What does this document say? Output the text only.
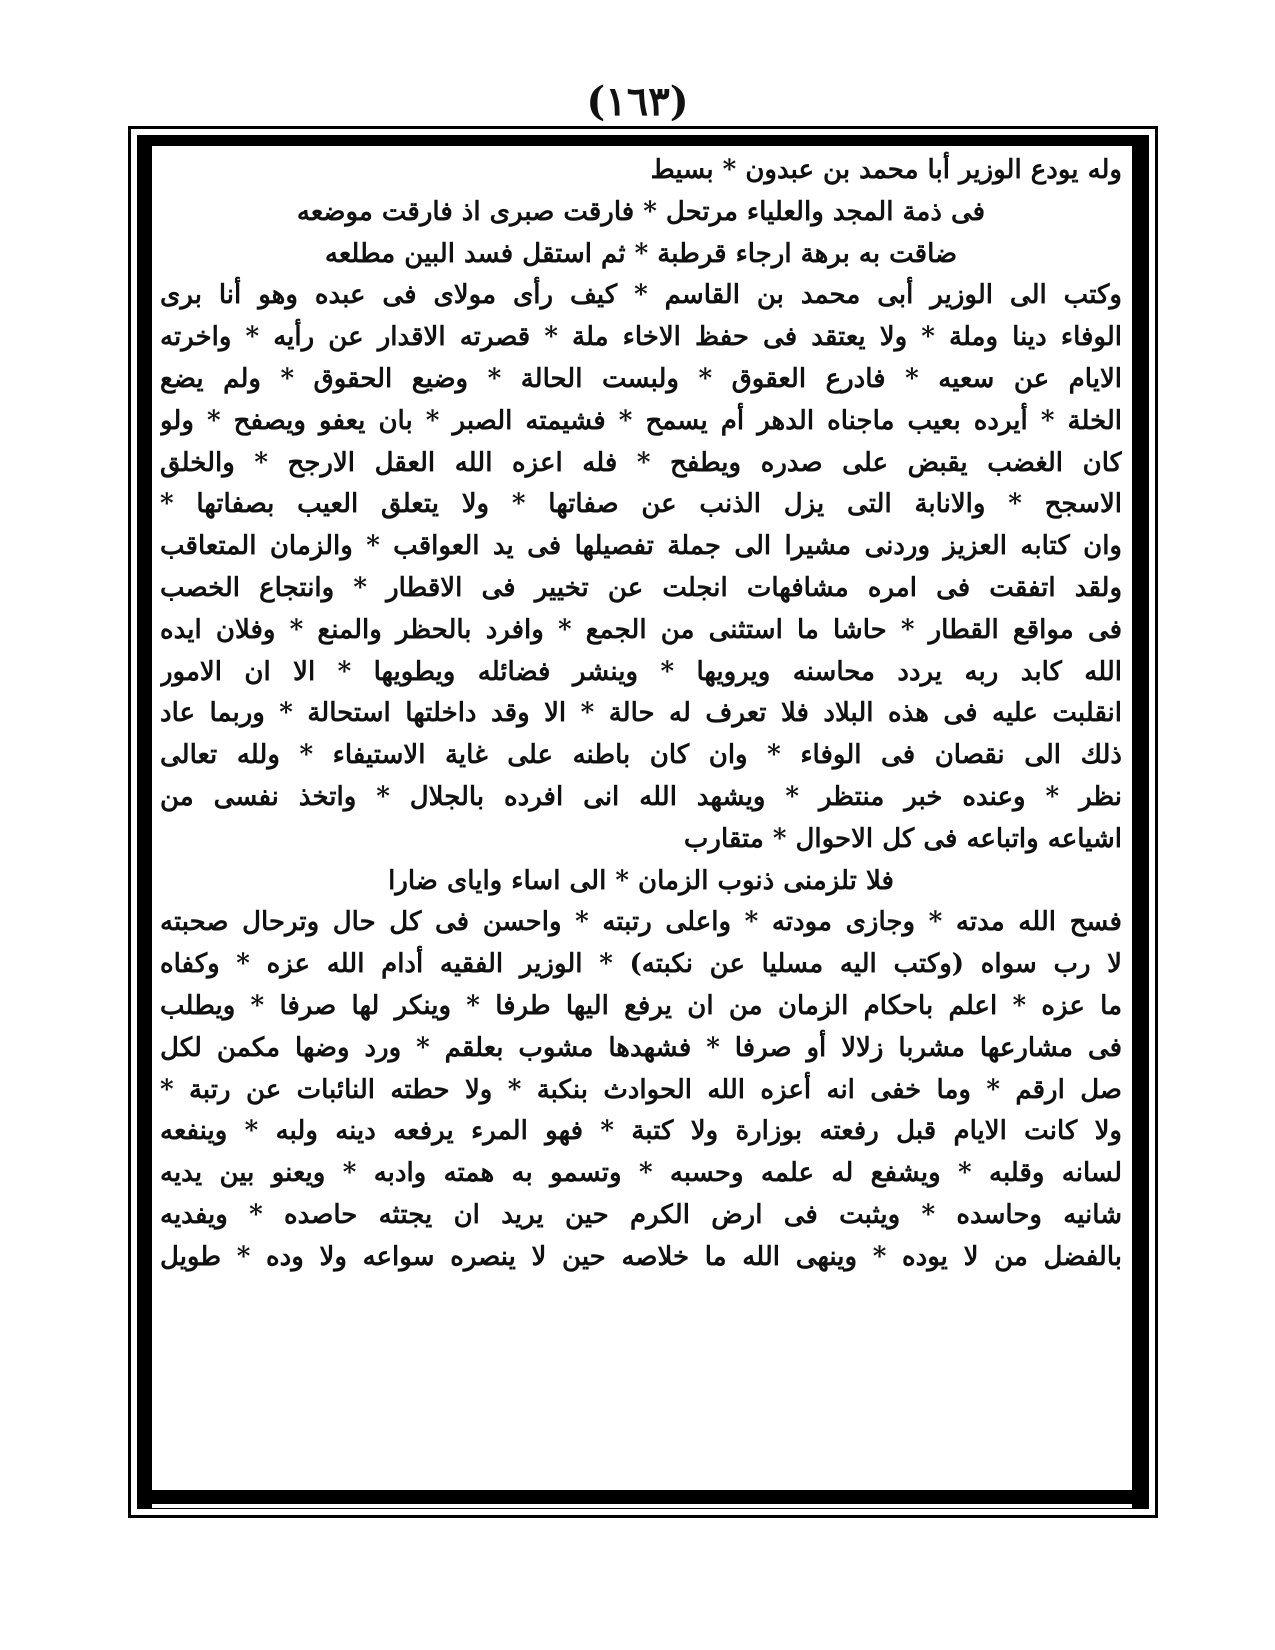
(١٦٣)
وله يودع الوزير أبا محمد بن عبدون * بسيط
فى ذمة المجد والعلياء مرتحل * فارقت صبرى اذ فارقت موضعه
ضاقت به برهة ارجاء قرطبة * ثم استقل فسد البين مطلعه
وكتب الى الوزير أبى محمد بن القاسم * كيف رأى مولاى فى عبده وهو أنا برى
الوفاء دينا وملة * ولا يعتقد فى حفظ الاخاء ملة * قصرته الاقدار عن رأيه * واخرته
الايام عن سعيه * فادرع العقوق * ولبست الحالة * وضيع الحقوق * ولم يضع
الخلة * أيرده بعيب ماجناه الدهر أم يسمح * فشيمته الصبر * بان يعفو ويصفح * ولو
كان الغضب يقبض على صدره ويطفح * فله اعزه الله العقل الارجح * والخلق
الاسجح * والانابة التى يزل الذنب عن صفاتها * ولا يتعلق العيب بصفاتها *
وان كتابه العزيز وردنى مشيرا الى جملة تفصيلها فى يد العواقب * والزمان المتعاقب
ولقد اتفقت فى امره مشافهات انجلت عن تخيير فى الاقطار * وانتجاع الخصب
فى مواقع القطار * حاشا ما استثنى من الجمع * وافرد بالحظر والمنع * وفلان ايده
الله كابد ربه يردد محاسنه ويرويها * وينشر فضائله ويطويها * الا ان الامور
انقلبت عليه فى هذه البلاد فلا تعرف له حالة * الا وقد داخلتها استحالة * وربما عاد
ذلك الى نقصان فى الوفاء * وان كان باطنه على غاية الاستيفاء * ولله تعالى
نظر * وعنده خبر منتظر * ويشهد الله انى افرده بالجلال * واتخذ نفسى من
اشياعه واتباعه فى كل الاحوال * متقارب
فلا تلزمنى ذنوب الزمان * الى اساء واياى ضارا
فسح الله مدته * وجازى مودته * واعلى رتبته * واحسن فى كل حال وترحال صحبته
لا رب سواه (وكتب اليه مسليا عن نكبته) * الوزير الفقيه أدام الله عزه * وكفاه
ما عزه * اعلم باحكام الزمان من ان يرفع اليها طرفا * وينكر لها صرفا * ويطلب
فى مشارعها مشربا زلالا أو صرفا * فشهدها مشوب بعلقم * ورد وضها مكمن لكل
صل ارقم * وما خفى انه أعزه الله الحوادث بنكبة * ولا حطته النائبات عن رتبة *
ولا كانت الايام قبل رفعته بوزارة ولا كتبة * فهو المرء يرفعه دينه ولبه * وينفعه
لسانه وقلبه * ويشفع له علمه وحسبه * وتسمو به همته وادبه * ويعنو بين يديه
شانيه وحاسده * ويثبت فى ارض الكرم حين يريد ان يجتثه حاصده * ويفديه
بالفضل من لا يوده * وينهى الله ما خلاصه حين لا ينصره سواعه ولا وده * طويل
